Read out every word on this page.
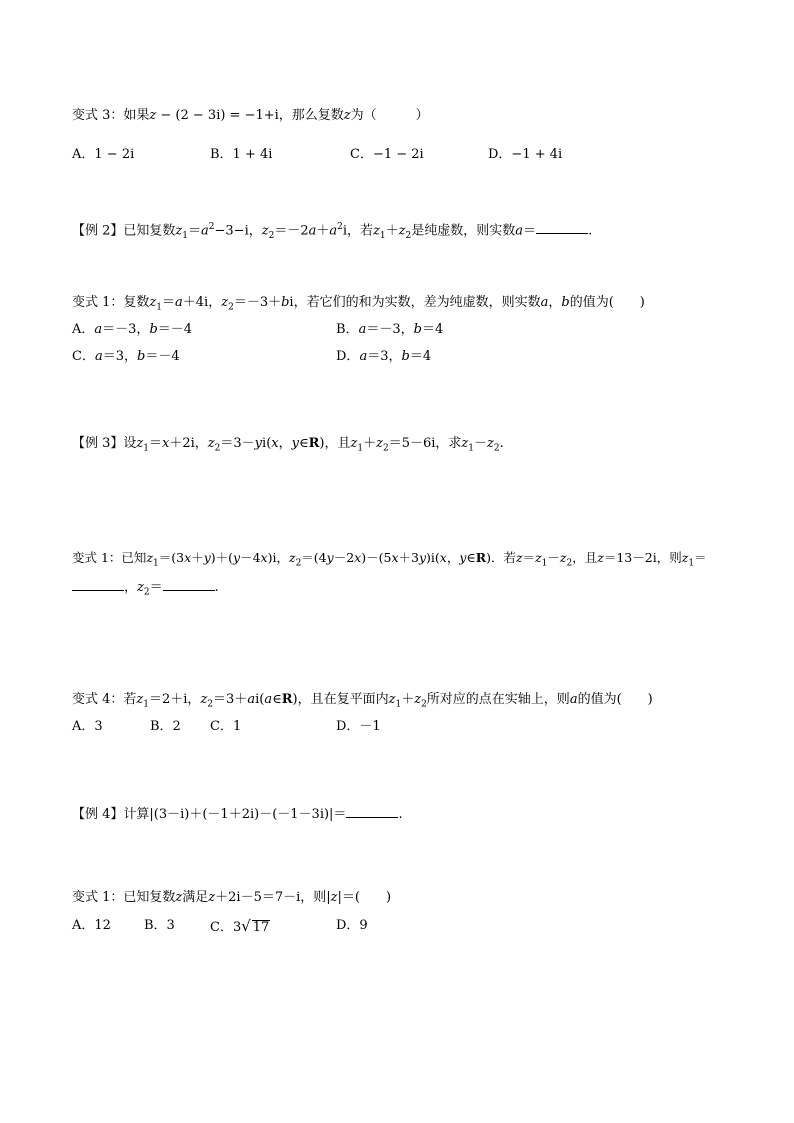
变式 3：如果z − (2 − 3i) = −1+i，那么复数z为（　　　）
A．1 − 2i	B．1 + 4i	C．−1 − 2i	D．−1 + 4i
【例 2】已知复数$z_1=a^2-3-i$，$z_2=-2a+a^2i$，若$z_1+z_2$是纯虚数，则实数a＝	.
变式 1：复数$z_1=a+4i$，$z_2=-3+bi$，若它们的和为实数，差为纯虚数，则实数a，b的值为(　　)
A．a＝－3，b＝－4	B．a＝－3，b＝4
C．a＝3，b＝－4	D．a＝3，b＝4
【例 3】设$z_1=x+2i$，$z_2=3-yi(x$，y∈R)，且$z_1+z_2=5-6i$，求$z_1-z_2$.
变式 1：已知$z_1=(3x+y)+(y-4x)i$，$z_2=(4y-2x)-(5x+3y)i(x$，y∈R)．若$z=z_1-z_2$，且z＝13－2i，则$z_1=$
，$z_2=$	.
变式 4：若$z_1=2+i$，$z_2=3+ai(a\in R)$，且在复平面内$z_1+z_2$所对应的点在实轴上，则a的值为(　　)
A．3	B．2 C．1	D．－1
【例 4】计算|(3－i)＋(－1＋2i)－(－1－3i)|＝	.
变式 1：已知复数z满足z＋2i－5＝7－i，则|z|＝(　　)
A．12	B．3	C．3√ 17	D．9
